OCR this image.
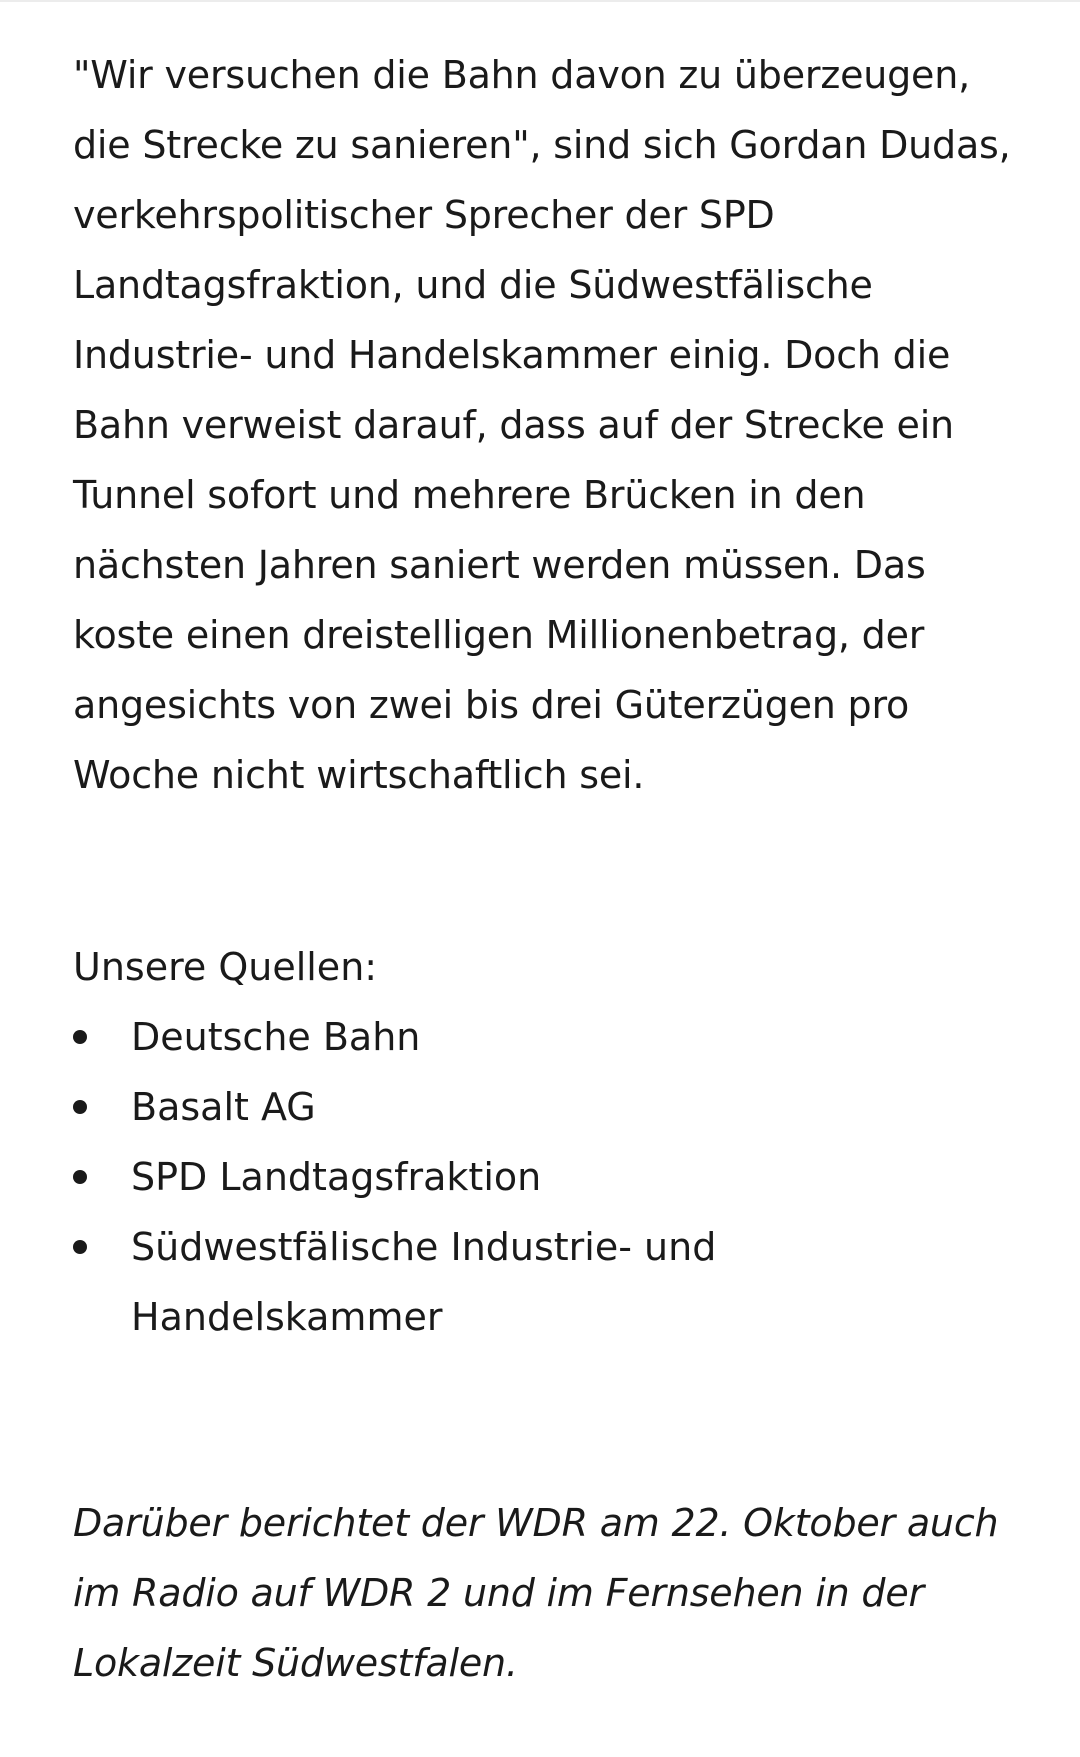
"Wir versuchen die Bahn davon zu überzeugen,
die Strecke zu sanieren", sind sich Gordan Dudas,
verkehrspolitischer Sprecher der SPD
Landtagsfraktion, und die Südwestfälische
Industrie- und Handelskammer einig. Doch die
Bahn verweist darauf, dass auf der Strecke ein
Tunnel sofort und mehrere Brücken in den
nächsten Jahren saniert werden müssen. Das
koste einen dreistelligen Millionenbetrag, der
angesichts von zwei bis drei Güterzügen pro
Woche nicht wirtschaftlich sei.
Unsere Quellen:
Deutsche Bahn
Basalt AG
SPD Landtagsfraktion
Südwestfälische Industrie- und
Handelskammer
Darüber berichtet der WDR am 22. Oktober auch
im Radio auf WDR 2 und im Fernsehen in der
Lokalzeit Südwestfalen.
